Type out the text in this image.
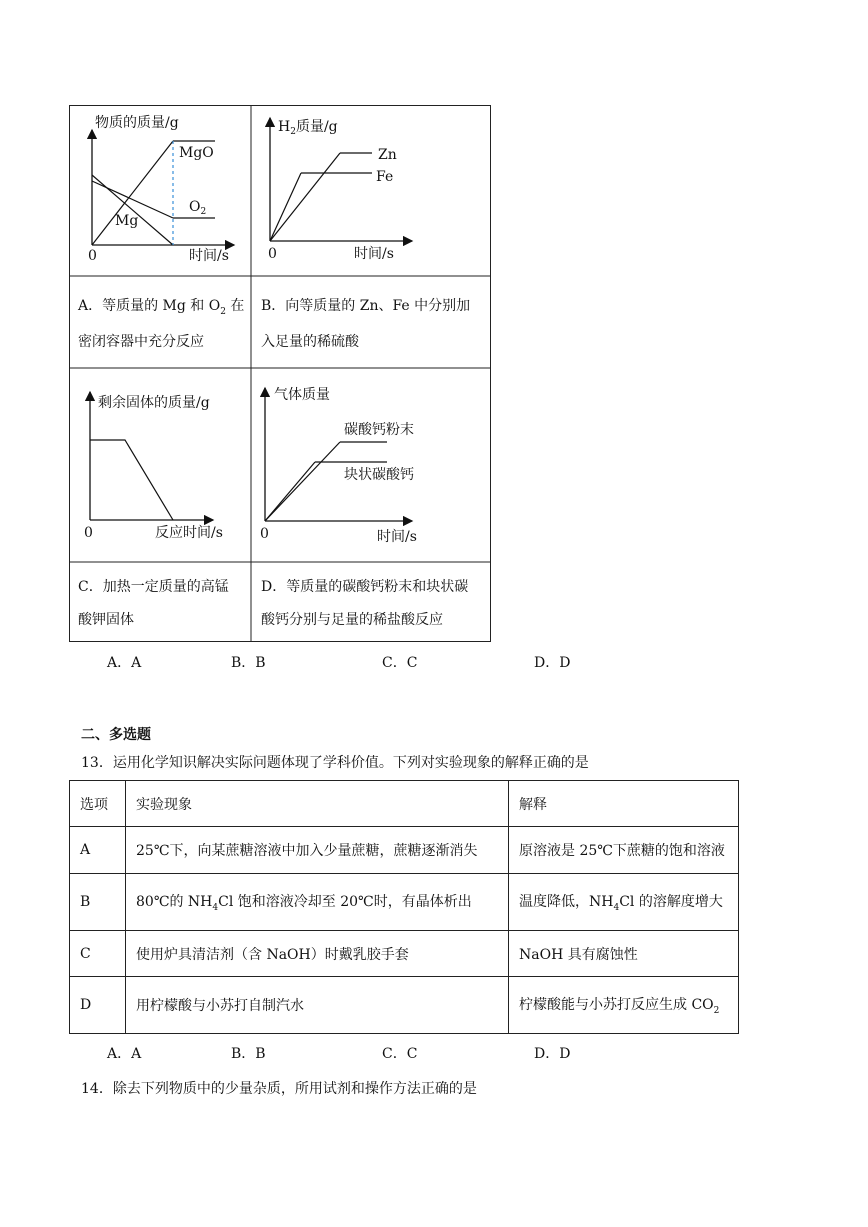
物质的质量/g
MgO
$O_2$
Mg
0	时间/s
$H_2$质量/g
Zn
Fe
0	时间/s
剩余固体的质量/g
0	反应时间/s
气体质量
碳酸钙粉末
块状碳酸钙
0	时间/s
A．等质量的 Mg 和 $O_2$ 在
密闭容器中充分反应
B．向等质量的 Zn、Fe 中分别加
入足量的稀硫酸
C．加热一定质量的高锰
酸钾固体
D．等质量的碳酸钙粉末和块状碳
酸钙分别与足量的稀盐酸反应
A．A	B．B	C．C	D．D
二、多选题
13．运用化学知识解决实际问题体现了学科价值。下列对实验现象的解释正确的是
选项	实验现象	解释
A	25℃下，向某蔗糖溶液中加入少量蔗糖，蔗糖逐渐消失	原溶液是 25℃下蔗糖的饱和溶液
B	80℃的 $NH_4Cl$ 饱和溶液冷却至 20℃时，有晶体析出	温度降低，$NH_4Cl$ 的溶解度增大
C	使用炉具清洁剂（含 NaOH）时戴乳胶手套	NaOH 具有腐蚀性
D	用柠檬酸与小苏打自制汽水	柠檬酸能与小苏打反应生成 $CO_2$
A．A	B．B	C．C	D．D
14．除去下列物质中的少量杂质，所用试剂和操作方法正确的是
